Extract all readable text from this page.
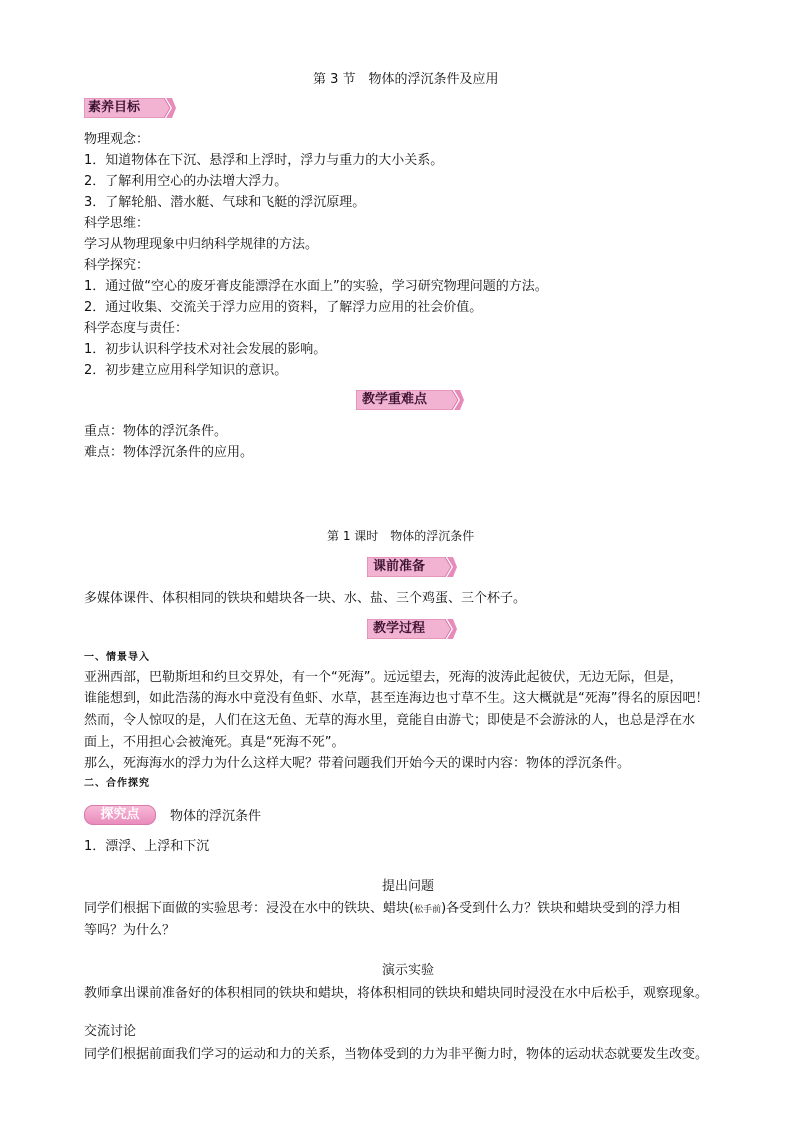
第 3 节　物体的浮沉条件及应用
素养目标
物理观念：
1．知道物体在下沉、悬浮和上浮时，浮力与重力的大小关系。
2．了解利用空心的办法增大浮力。
3．了解轮船、潜水艇、气球和飞艇的浮沉原理。
科学思维：
学习从物理现象中归纳科学规律的方法。
科学探究：
1．通过做“空心的废牙膏皮能漂浮在水面上”的实验，学习研究物理问题的方法。
2．通过收集、交流关于浮力应用的资料，了解浮力应用的社会价值。
科学态度与责任：
1．初步认识科学技术对社会发展的影响。
2．初步建立应用科学知识的意识。
教学重难点
重点：物体的浮沉条件。
难点：物体浮沉条件的应用。
第 1 课时　物体的浮沉条件
课前准备
多媒体课件、体积相同的铁块和蜡块各一块、水、盐、三个鸡蛋、三个杯子。
教学过程
一、情景导入
亚洲西部，巴勒斯坦和约旦交界处，有一个“死海”。远远望去，死海的波涛此起彼伏，无边无际，但是，
谁能想到，如此浩荡的海水中竟没有鱼虾、水草，甚至连海边也寸草不生。这大概就是“死海”得名的原因吧！
然而，令人惊叹的是，人们在这无鱼、无草的海水里，竟能自由游弋；即使是不会游泳的人，也总是浮在水
面上，不用担心会被淹死。真是“死海不死”。
那么，死海海水的浮力为什么这样大呢？带着问题我们开始今天的课时内容：物体的浮沉条件。
二、合作探究
探究点	物体的浮沉条件
1．漂浮、上浮和下沉
提出问题
同学们根据下面做的实验思考：浸没在水中的铁块、蜡块(松手前)各受到什么力？铁块和蜡块受到的浮力相
等吗？为什么？
演示实验
教师拿出课前准备好的体积相同的铁块和蜡块，将体积相同的铁块和蜡块同时浸没在水中后松手，观察现象。
交流讨论
同学们根据前面我们学习的运动和力的关系，当物体受到的力为非平衡力时，物体的运动状态就要发生改变。
